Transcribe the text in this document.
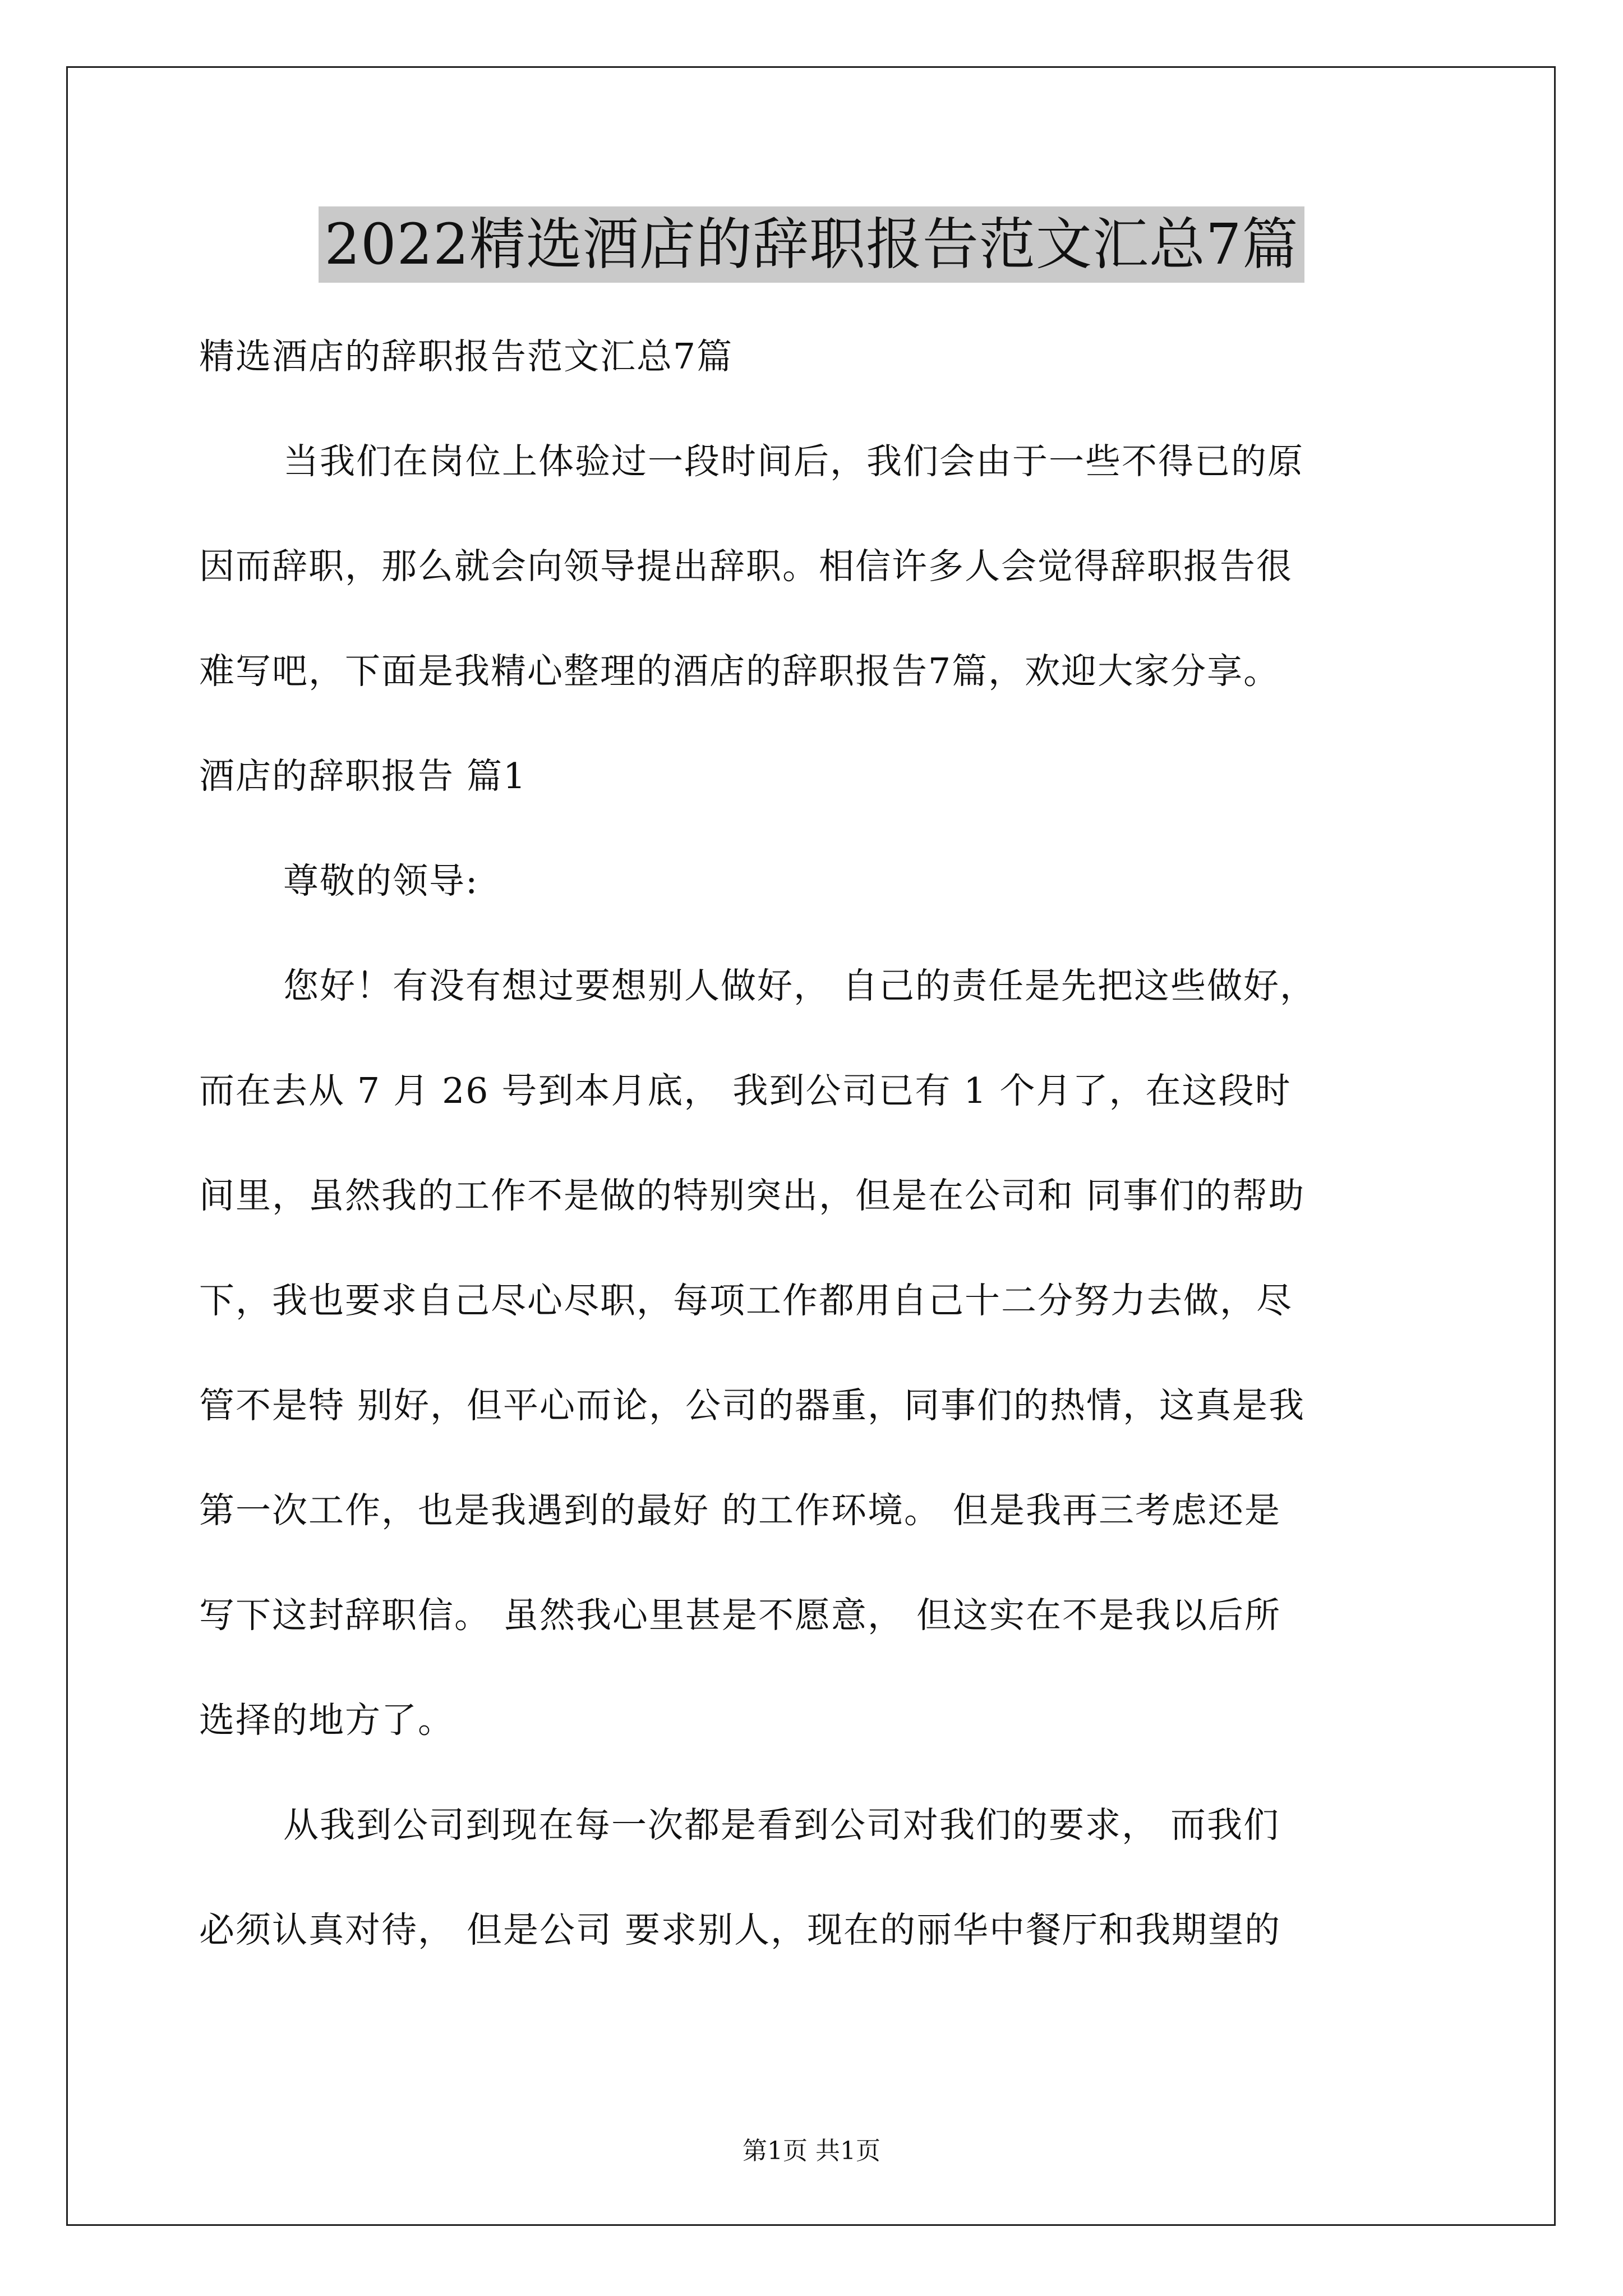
2022精选酒店的辞职报告范文汇总7篇
精选酒店的辞职报告范文汇总7篇
当我们在岗位上体验过一段时间后，我们会由于一些不得已的原
因而辞职，那么就会向领导提出辞职。相信许多人会觉得辞职报告很
难写吧，下面是我精心整理的酒店的辞职报告7篇，欢迎大家分享。
酒店的辞职报告 篇1
尊敬的领导:
您好！有没有想过要想别人做好， 自己的责任是先把这些做好，
而在去从 7 月 26 号到本月底， 我到公司已有 1 个月了，在这段时
间里，虽然我的工作不是做的特别突出，但是在公司和 同事们的帮助
下，我也要求自己尽心尽职，每项工作都用自己十二分努力去做，尽
管不是特 别好，但平心而论，公司的器重，同事们的热情，这真是我
第一次工作，也是我遇到的最好 的工作环境。 但是我再三考虑还是
写下这封辞职信。 虽然我心里甚是不愿意， 但这实在不是我以后所
选择的地方了。
从我到公司到现在每一次都是看到公司对我们的要求， 而我们
必须认真对待， 但是公司 要求别人，现在的丽华中餐厅和我期望的
第1页 共1页
